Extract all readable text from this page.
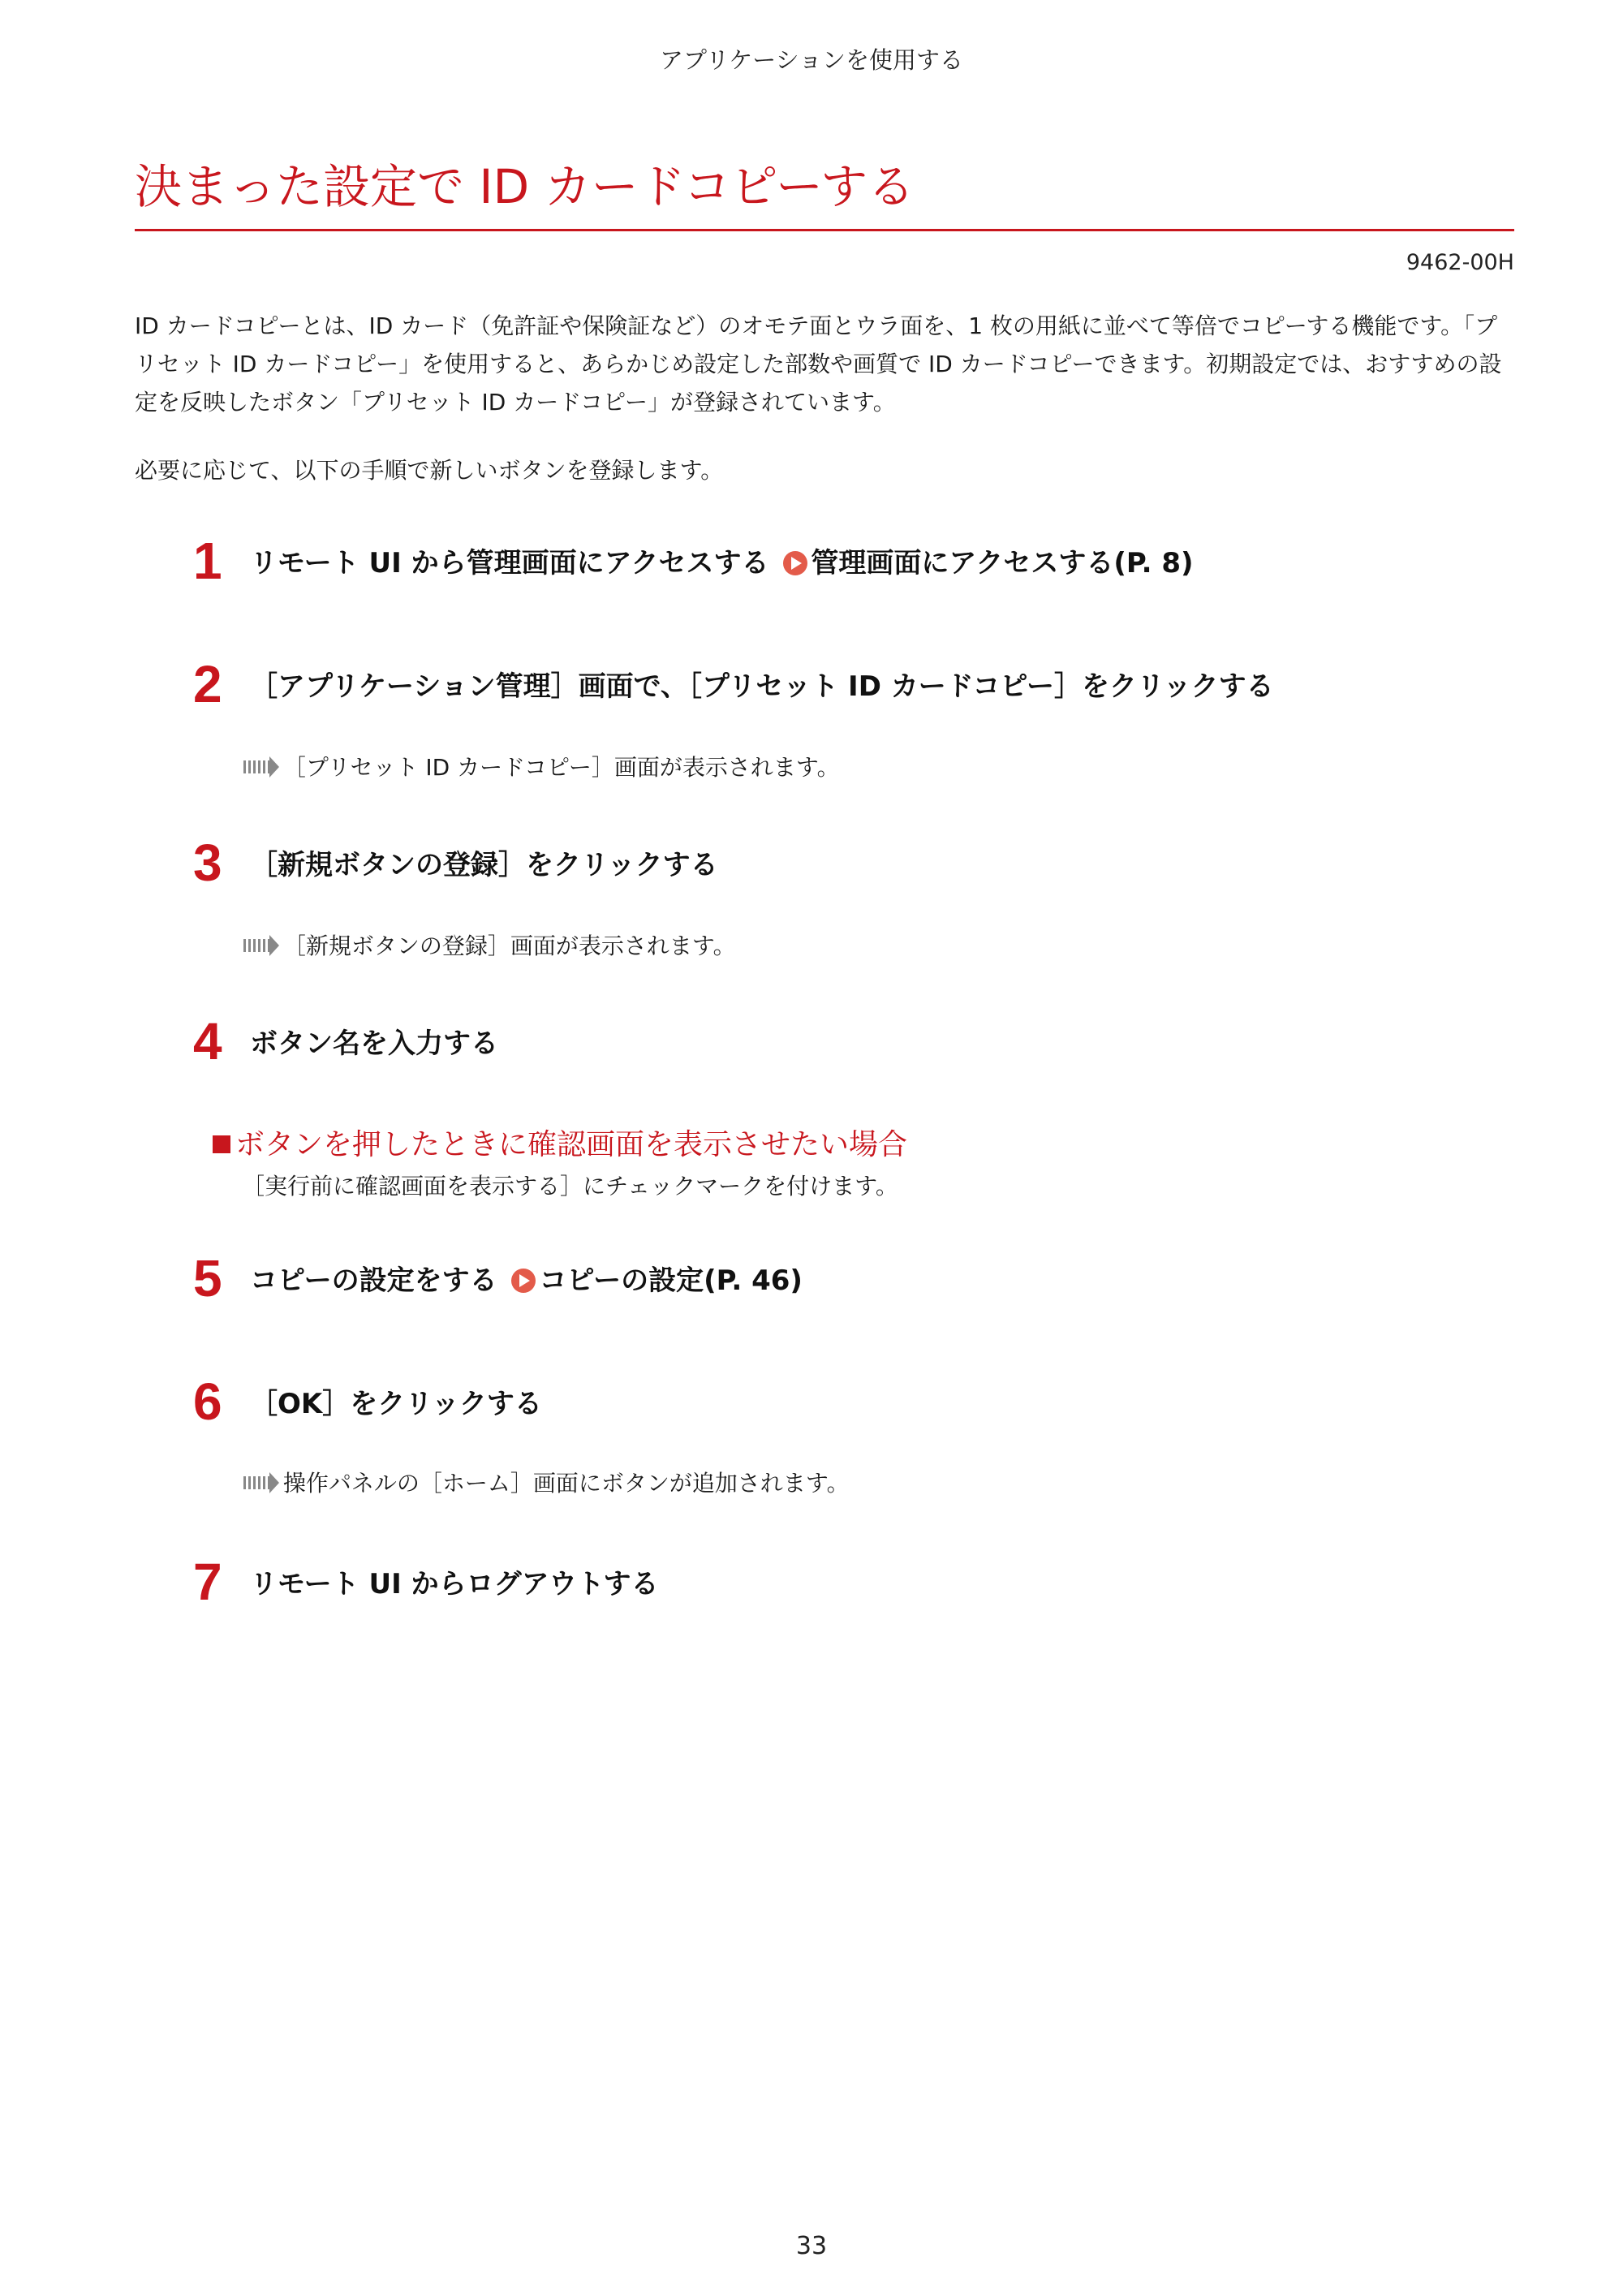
アプリケーションを使用する
決まった設定で ID カードコピーする
9462-00H
ID カードコピーとは、ID カード（免許証や保険証など）のオモテ面とウラ面を、1 枚の用紙に並べて等倍でコピーする機能です。「プリセット ID カードコピー」を使用すると、あらかじめ設定した部数や画質で ID カードコピーできます。初期設定では、おすすめの設定を反映したボタン「プリセット ID カードコピー」が登録されています。
必要に応じて、以下の手順で新しいボタンを登録します。
1 リモート UI から管理画面にアクセスする 管理画面にアクセスする(P. 8)
2 ［アプリケーション管理］画面で、［プリセット ID カードコピー］をクリックする
［プリセット ID カードコピー］画面が表示されます。
3 ［新規ボタンの登録］をクリックする
［新規ボタンの登録］画面が表示されます。
4 ボタン名を入力する
ボタンを押したときに確認画面を表示させたい場合
［実行前に確認画面を表示する］にチェックマークを付けます。
5 コピーの設定をする コピーの設定(P. 46)
6 ［OK］をクリックする
操作パネルの［ホーム］画面にボタンが追加されます。
7 リモート UI からログアウトする
33
